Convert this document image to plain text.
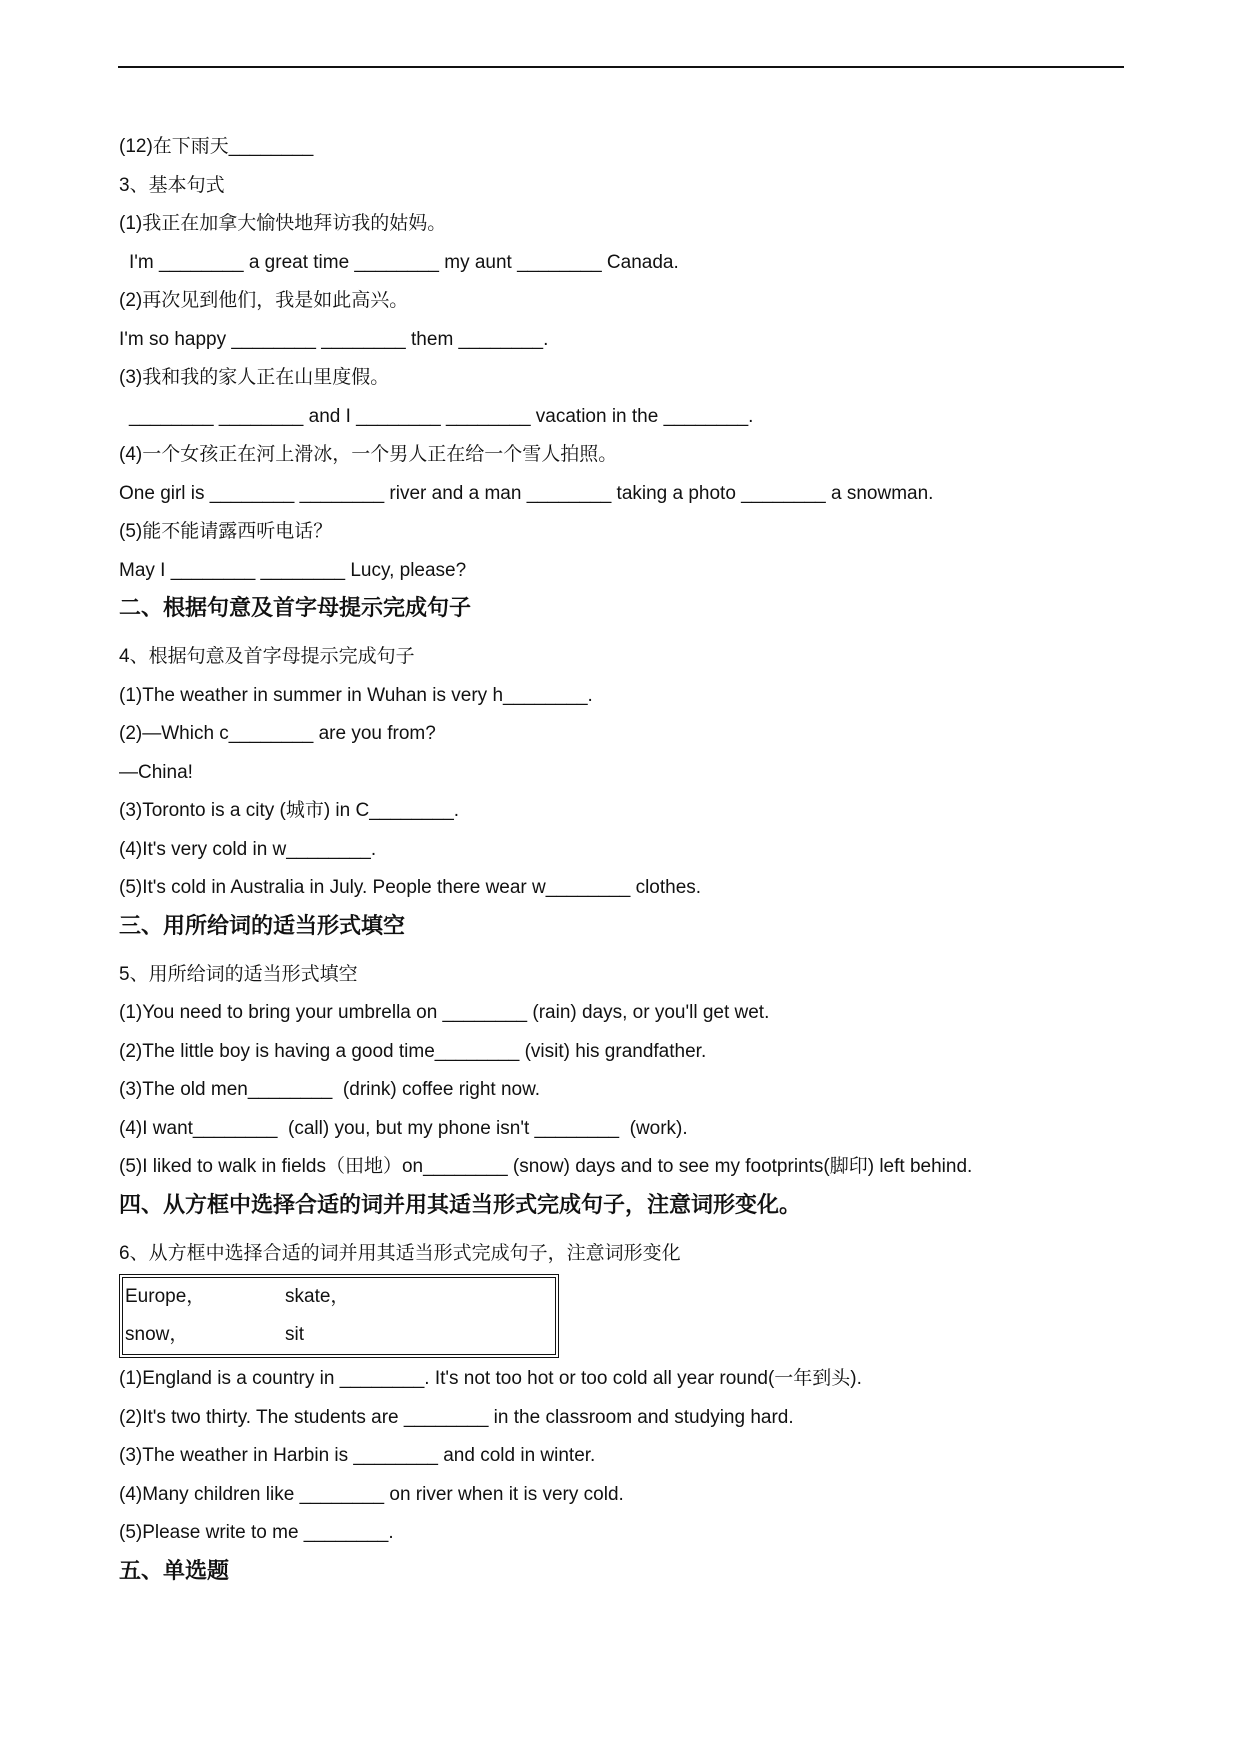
(12)在下雨天________
3、基本句式
(1)我正在加拿大愉快地拜访我的姑妈。
I'm ________ a great time ________ my aunt ________ Canada.
(2)再次见到他们，我是如此高兴。
I'm so happy ________ ________ them ________.
(3)我和我的家人正在山里度假。
________ ________ and I ________ ________ vacation in the ________.
(4)一个女孩正在河上滑冰，一个男人正在给一个雪人拍照。
One girl is ________ ________ river and a man ________ taking a photo ________ a snowman.
(5)能不能请露西听电话？
May I ________ ________ Lucy, please?
二、根据句意及首字母提示完成句子
4、根据句意及首字母提示完成句子
(1)The weather in summer in Wuhan is very h________.
(2)—Which c________ are you from?
—China!
(3)Toronto is a city (城市) in C________.
(4)It's very cold in w________.
(5)It's cold in Australia in July. People there wear w________ clothes.
三、用所给词的适当形式填空
5、用所给词的适当形式填空
(1)You need to bring your umbrella on ________ (rain) days, or you'll get wet.
(2)The little boy is having a good time________ (visit) his grandfather.
(3)The old men________  (drink) coffee right now.
(4)I want________  (call) you, but my phone isn't ________  (work).
(5)I liked to walk in fields（田地）on________ (snow) days and to see my footprints(脚印) left behind.
四、从方框中选择合适的词并用其适当形式完成句子，注意词形变化。
6、从方框中选择合适的词并用其适当形式完成句子，注意词形变化
Europe，	skate，
snow，	sit
(1)England is a country in ________. It's not too hot or too cold all year round(一年到头).
(2)It's two thirty. The students are ________ in the classroom and studying hard.
(3)The weather in Harbin is ________ and cold in winter.
(4)Many children like ________ on river when it is very cold.
(5)Please write to me ________.
五、单选题
